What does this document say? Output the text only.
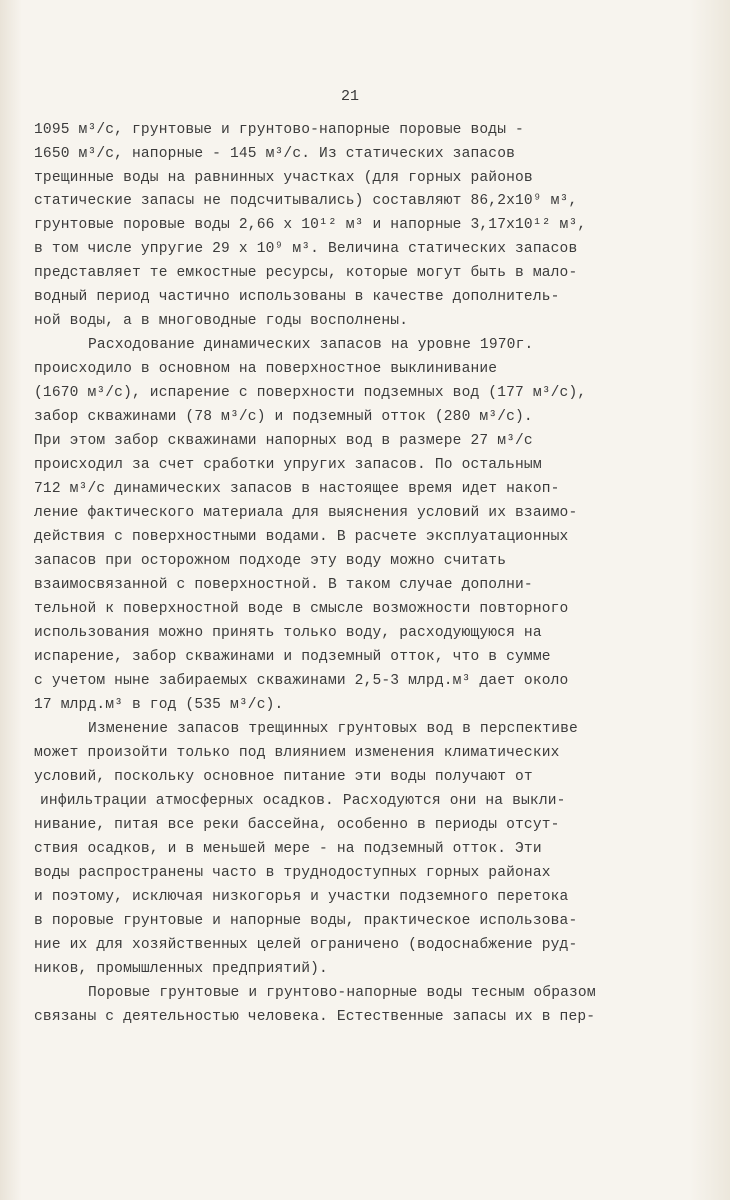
21
1095 м³/с, грунтовые и грунтово-напорные поровые воды -
1650 м³/с, напорные - 145 м³/с. Из статических запасов
трещинные воды на равнинных участках (для горных районов
статические запасы не подсчитывались) составляют 86,2х10⁹ м³,
грунтовые поровые воды 2,66 х 10¹² м³ и напорные 3,17х10¹² м³,
в том числе упругие 29 х 10⁹ м³. Величина статических запасов
представляет те емкостные ресурсы, которые могут быть в мало-
водный период частично использованы в качестве дополнитель-
ной воды, а в многоводные годы восполнены.
Расходование динамических запасов на уровне 1970г.
происходило в основном на поверхностное выклинивание
(1670 м³/с), испарение с поверхности подземных вод (177 м³/с),
забор скважинами (78 м³/с) и подземный отток (280 м³/с).
При этом забор скважинами напорных вод в размере 27 м³/с
происходил за счет сработки упругих запасов. По остальным
712 м³/с динамических запасов в настоящее время идет накоп-
ление фактического материала для выяснения условий их взаимо-
действия с поверхностными водами. В расчете эксплуатационных
запасов при осторожном подходе эту воду можно считать
взаимосвязанной с поверхностной. В таком случае дополни-
тельной к поверхностной воде в смысле возможности повторного
использования можно принять только воду, расходующуюся на
испарение, забор скважинами и подземный отток, что в сумме
с учетом ныне забираемых скважинами 2,5-3 млрд.м³ дает около
17 млрд.м³ в год (535 м³/с).
Изменение запасов трещинных грунтовых вод в перспективе
может произойти только под влиянием изменения климатических
условий, поскольку основное питание эти воды получают от
инфильтрации атмосферных осадков. Расходуются они на выкли-
нивание, питая все реки бассейна, особенно в периоды отсут-
ствия осадков, и в меньшей мере - на подземный отток. Эти
воды распространены часто в труднодоступных горных районах
и поэтому, исключая низкогорья и участки подземного перетока
в поровые грунтовые и напорные воды, практическое использова-
ние их для хозяйственных целей ограничено (водоснабжение руд-
ников, промышленных предприятий).
Поровые грунтовые и грунтово-напорные воды тесным образом
связаны с деятельностью человека. Естественные запасы их в пер-
